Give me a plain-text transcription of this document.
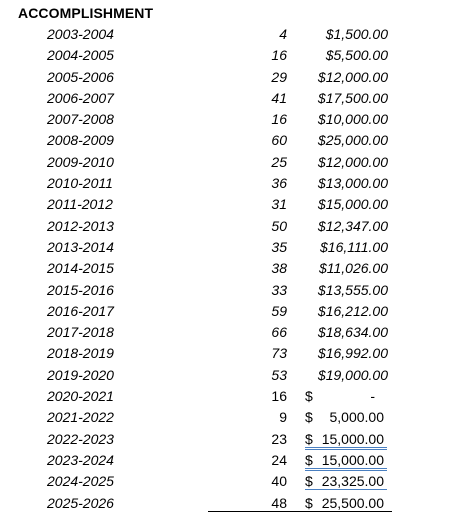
ACCOMPLISHMENT
2003-2004	4	$1,500.00
2004-2005	16	$5,500.00
2005-2006	29 $12,000.00
2006-2007	41 $17,500.00
2007-2008	16 $10,000.00
2008-2009	60 $25,000.00
2009-2010	25 $12,000.00
2010-2011	36 $13,000.00
2011-2012	31 $15,000.00
2012-2013	50 $12,347.00
2013-2014	35 $16,111.00
2014-2015	38 $11,026.00
2015-2016	33 $13,555.00
2016-2017	59 $16,212.00
2017-2018	66 $18,634.00
2018-2019	73 $16,992.00
2019-2020	53 $19,000.00
2020-2021	16 $	-
2021-2022	9 $ 5,000.00
2022-2023	23 $ 15,000.00
2023-2024	24 $ 15,000.00
2024-2025	40 $ 23,325.00
2025-2026	48 $ 25,500.00
